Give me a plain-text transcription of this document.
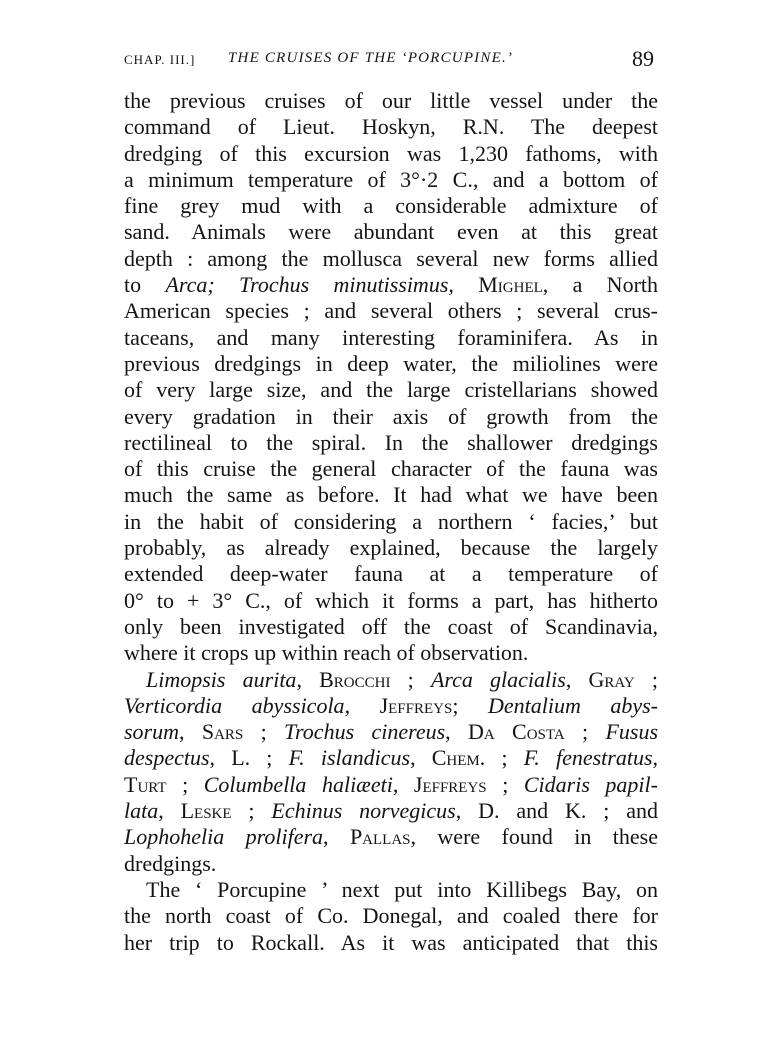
CHAP. III.] THE CRUISES OF THE ‘PORCUPINE.’	89
the previous cruises of our little vessel under the
command of Lieut. Hoskyn, R.N. The deepest
dredging of this excursion was 1,230 fathoms, with
a minimum temperature of 3°·2 C., and a bottom of
fine grey mud with a considerable admixture of
sand. Animals were abundant even at this great
depth : among the mollusca several new forms allied
to Arca; Trochus minutissimus, Mighel, a North
American species ; and several others ; several crus-
taceans, and many interesting foraminifera. As in
previous dredgings in deep water, the miliolines were
of very large size, and the large cristellarians showed
every gradation in their axis of growth from the
rectilineal to the spiral. In the shallower dredgings
of this cruise the general character of the fauna was
much the same as before. It had what we have been
in the habit of considering a northern ‘ facies,’ but
probably, as already explained, because the largely
extended deep-water fauna at a temperature of
0° to + 3° C., of which it forms a part, has hitherto
only been investigated off the coast of Scandinavia,
where it crops up within reach of observation.
Limopsis aurita, Brocchi ; Arca glacialis, Gray ;
Verticordia abyssicola, Jeffreys; Dentalium abys-
sorum, Sars ; Trochus cinereus, Da Costa ; Fusus
despectus, L. ; F. islandicus, Chem. ; F. fenestratus,
Turt ; Columbella haliæeti, Jeffreys ; Cidaris papil-
lata, Leske ; Echinus norvegicus, D. and K. ; and
Lophohelia prolifera, Pallas, were found in these
dredgings.
The ‘ Porcupine ’ next put into Killibegs Bay, on
the north coast of Co. Donegal, and coaled there for
her trip to Rockall. As it was anticipated that this
